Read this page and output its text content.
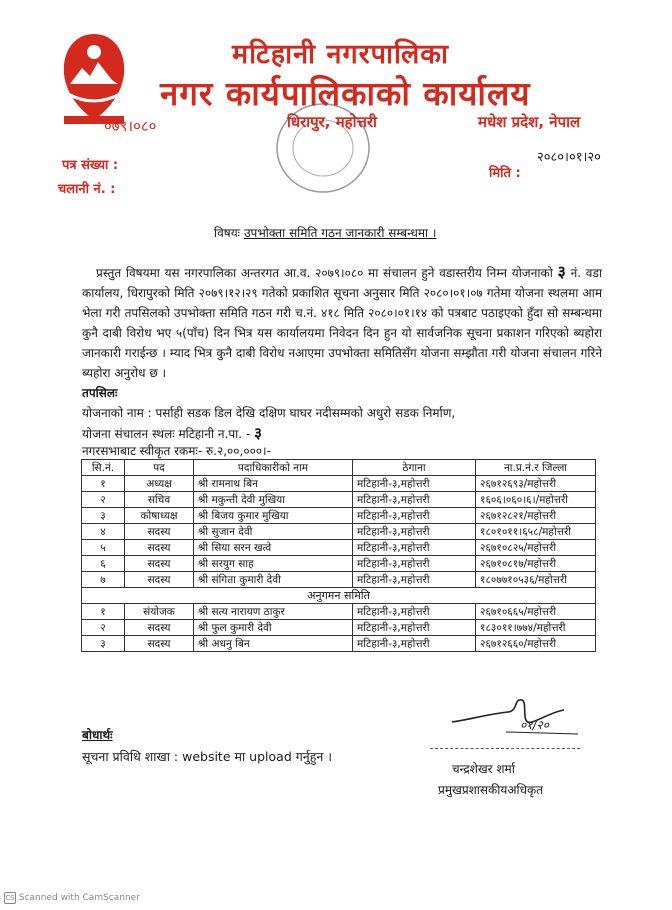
मटिहानी नगरपालिका
नगर कार्यपालिकाको कार्यालय
०७९।०८०	धिरापुर, महोत्तरी	मधेश प्रदेश, नेपाल
पत्र संख्या :
चलानी नं. :
२०८०।०१।२०
मिति :
विषयः उपभोक्ता समिति गठन जानकारी सम्बन्धमा ।
प्रस्तुत विषयमा यस नगरपालिका अन्तरगत आ.व. २०७९।०८० मा संचालन हुने वडास्तरीय निम्न योजनाको ३ नं. वडा कार्यालय, धिरापुरको मिति २०७९।१२।२९ गतेको प्रकाशित सूचना अनुसार मिति २०८०।०१।०७ गतेमा योजना स्थलमा आम भेला गरी तपसिलको उपभोक्ता समिति गठन गरी च.नं. ४१८ मिति २०८०।०१।१४ को पत्रबाट पठाइएको हुँदा सो सम्बन्धमा कुनै दाबी विरोध भए ५(पाँच) दिन भित्र यस कार्यालयमा निवेदन दिन हुन यो सार्वजनिक सूचना प्रकाशन गरिएको ब्यहोरा जानकारी गराईन्छ । म्याद भित्र कुनै दाबी विरोध नआएमा उपभोक्ता समितिसँग योजना सम्झौता गरी योजना संचालन गरिने ब्यहोरा अनुरोध छ ।
तपसिलः
योजनाको नाम : पर्साही सडक डिल देखि दक्षिण घाघर नदीसम्मको अधुरो सडक निर्माण,
योजना संचालन स्थलः मटिहानी न.पा. - ३
नगरसभाबाट स्वीकृत रकमः- रु.२,००,०००।-
सि.नं.	पद	पदाधिकारीको नाम	ठेगाना	ना.प्र.नं.र जिल्ला
१	अध्यक्ष	श्री रामनाथ बिन	मटिहानी-३,महोत्तरी	२६७१२६९३/महोत्तरी
२	सचिव	श्री मकुन्ती देवी मुखिया	मटिहानी-३,महोत्तरी	१६०६।०६०।६।/महोत्तरी
३	कोषाध्यक्ष	श्री बिजय कुमार मुखिया	मटिहानी-३,महोत्तरी	२६७१२८२१/महोत्तरी
४	सदस्य	श्री सुजान देवी	मटिहानी-३,महोत्तरी	१८०१०११।६५८/महोत्तरी
५	सदस्य	श्री सिया सरन खत्वे	मटिहानी-३,महोत्तरी	२६७१०८२५/महोत्तरी
६	सदस्य	श्री सरयुग साह	मटिहानी-३,महोत्तरी	२६७१०८१७/महोत्तरी
७	सदस्य	श्री संगिता कुमारी देवी	मटिहानी-३,महोत्तरी	१८०७७१०५३६/महोत्तरी
अनुगमन समिति				
१	संयोजक	श्री सत्य नारायण ठाकुर	मटिहानी-३,महोत्तरी	२६७१०६६५/महोत्तरी
२	सदस्य	श्री फुल कुमारी देवी	मटिहानी-३,महोत्तरी	१८३०११।७७४/महोत्तरी
३	सदस्य	श्री अधनु बिन	मटिहानी-३,महोत्तरी	२६७१२६६०/महोत्तरी
बोधार्थः
सूचना प्रविधि शाखा : website मा upload गर्नुहुन ।
०१/२०
चन्द्रशेखर शर्मा
प्रमुखप्रशासकीयअधिकृत
CS Scanned with CamScanner
